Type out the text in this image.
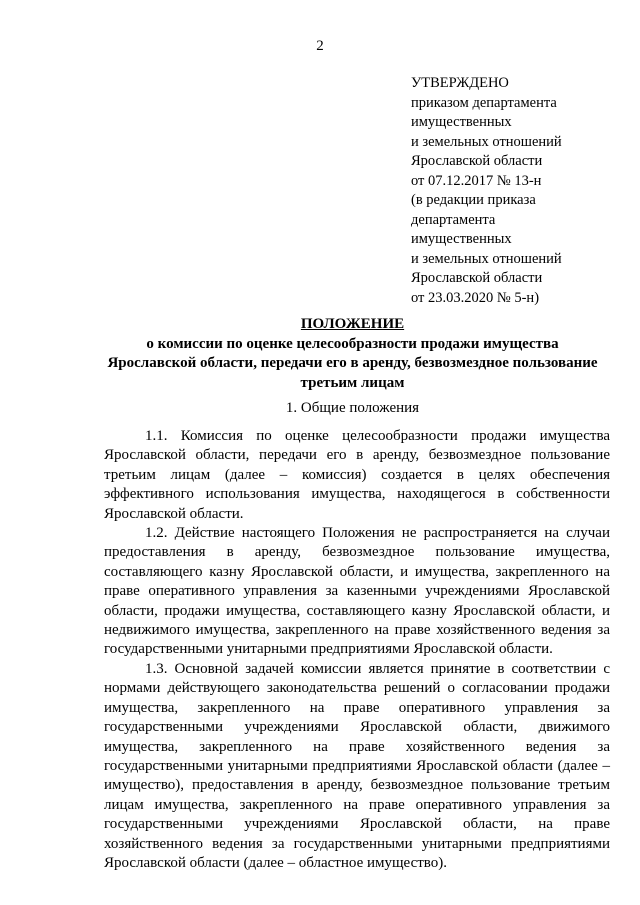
2
УТВЕРЖДЕНО
приказом департамента
имущественных
и земельных отношений
Ярославской области
от 07.12.2017 № 13-н
(в редакции приказа
департамента
имущественных
и земельных отношений
Ярославской области
от 23.03.2020 № 5-н)
ПОЛОЖЕНИЕ
о комиссии по оценке целесообразности продажи имущества
Ярославской области, передачи его в аренду, безвозмездное пользование
третьим лицам
1. Общие положения

1.1. Комиссия по оценке целесообразности продажи имущества Ярославской области, передачи его в аренду, безвозмездное пользование третьим лицам (далее – комиссия) создается в целях обеспечения эффективного использования имущества, находящегося в собственности Ярославской области.

1.2. Действие настоящего Положения не распространяется на случаи предоставления в аренду, безвозмездное пользование имущества, составляющего казну Ярославской области, и имущества, закрепленного на праве оперативного управления за казенными учреждениями Ярославской области, продажи имущества, составляющего казну Ярославской области, и недвижимого имущества, закрепленного на праве хозяйственного ведения за государственными унитарными предприятиями Ярославской области.

1.3. Основной задачей комиссии является принятие в соответствии с нормами действующего законодательства решений о согласовании продажи имущества, закрепленного на праве оперативного управления за государственными учреждениями Ярославской области, движимого имущества, закрепленного на праве хозяйственного ведения за государственными унитарными предприятиями Ярославской области (далее – имущество), предоставления в аренду, безвозмездное пользование третьим лицам имущества, закрепленного на праве оперативного управления за государственными учреждениями Ярославской области, на праве хозяйственного ведения за государственными унитарными предприятиями Ярославской области (далее – областное имущество).
